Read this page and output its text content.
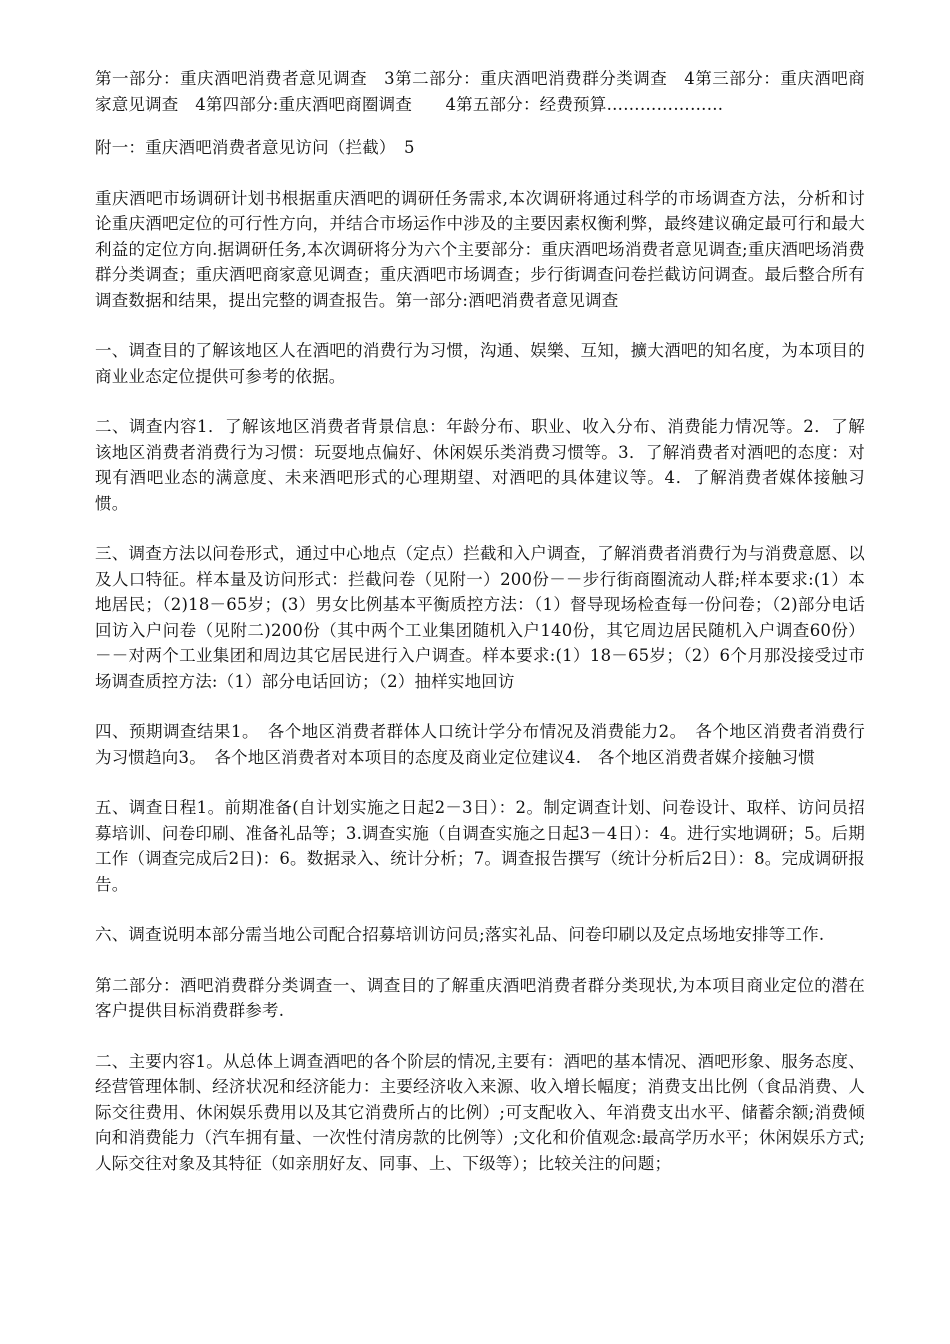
第一部分：重庆酒吧消费者意见调查　3第二部分：重庆酒吧消费群分类调查　4第三部分：重庆酒吧商家意见调查　4第四部分:重庆酒吧商圈调查　　4第五部分：经费预算…………………

附一：重庆酒吧消费者意见访问（拦截）　5

重庆酒吧市场调研计划书根据重庆酒吧的调研任务需求,本次调研将通过科学的市场调查方法，分析和讨论重庆酒吧定位的可行性方向，并结合市场运作中涉及的主要因素权衡利弊，最终建议确定最可行和最大利益的定位方向.据调研任务,本次调研将分为六个主要部分：重庆酒吧场消费者意见调查;重庆酒吧场消费群分类调查；重庆酒吧商家意见调查；重庆酒吧市场调查；步行街调查问卷拦截访问调查。最后整合所有调查数据和结果，提出完整的调查报告。第一部分:酒吧消费者意见调查

一、调查目的了解该地区人在酒吧的消费行为习惯，沟通、娱樂、互知，擴大酒吧的知名度，为本项目的商业业态定位提供可参考的依据。

二、调查内容1．了解该地区消费者背景信息：年龄分布、职业、收入分布、消费能力情况等。2．了解该地区消费者消费行为习惯：玩耍地点偏好、休闲娱乐类消费习惯等。3．了解消费者对酒吧的态度：对现有酒吧业态的满意度、未来酒吧形式的心理期望、对酒吧的具体建议等。4．了解消费者媒体接触习惯。

三、调查方法以问卷形式，通过中心地点（定点）拦截和入户调查，了解消费者消费行为与消费意愿、以及人口特征。样本量及访问形式：拦截问卷（见附一）200份－－步行街商圈流动人群;样本要求:(1）本地居民；（2)18－65岁；(3）男女比例基本平衡质控方法：（1）督导现场检查每一份问卷；（2)部分电话回访入户问卷（见附二)200份（其中两个工业集团随机入户140份，其它周边居民随机入户调查60份）－－对两个工业集团和周边其它居民进行入户调查。样本要求:(1）18－65岁；（2）6个月那没接受过市场调查质控方法:（1）部分电话回访；（2）抽样实地回访

四、预期调查结果1。　各个地区消费者群体人口统计学分布情况及消费能力2。　各个地区消费者消费行为习惯趋向3。　各个地区消费者对本项目的态度及商业定位建议4.　各个地区消费者媒介接触习惯

五、调查日程1。前期准备(自计划实施之日起2－3日）：2。制定调查计划、问卷设计、取样、访问员招募培训、问卷印刷、准备礼品等；3.调查实施（自调查实施之日起3－4日）：4。进行实地调研；5。后期工作（调查完成后2日)：6。数据录入、统计分析；7。调查报告撰写（统计分析后2日）：8。完成调研报告。

六、调查说明本部分需当地公司配合招募培训访问员;落实礼品、问卷印刷以及定点场地安排等工作.

第二部分：酒吧消费群分类调查一、调查目的了解重庆酒吧消费者群分类现状,为本项目商业定位的潜在客户提供目标消费群参考.

二、主要内容1。从总体上调查酒吧的各个阶层的情况,主要有：酒吧的基本情况、酒吧形象、服务态度、经营管理体制、经济状况和经济能力：主要经济收入来源、收入增长幅度；消费支出比例（食品消费、人际交往费用、休闲娱乐费用以及其它消费所占的比例）;可支配收入、年消费支出水平、储蓄余额;消费倾向和消费能力（汽车拥有量、一次性付清房款的比例等）;文化和价值观念:最高学历水平；休闲娱乐方式;人际交往对象及其特征（如亲朋好友、同事、上、下级等）；比较关注的问题；
